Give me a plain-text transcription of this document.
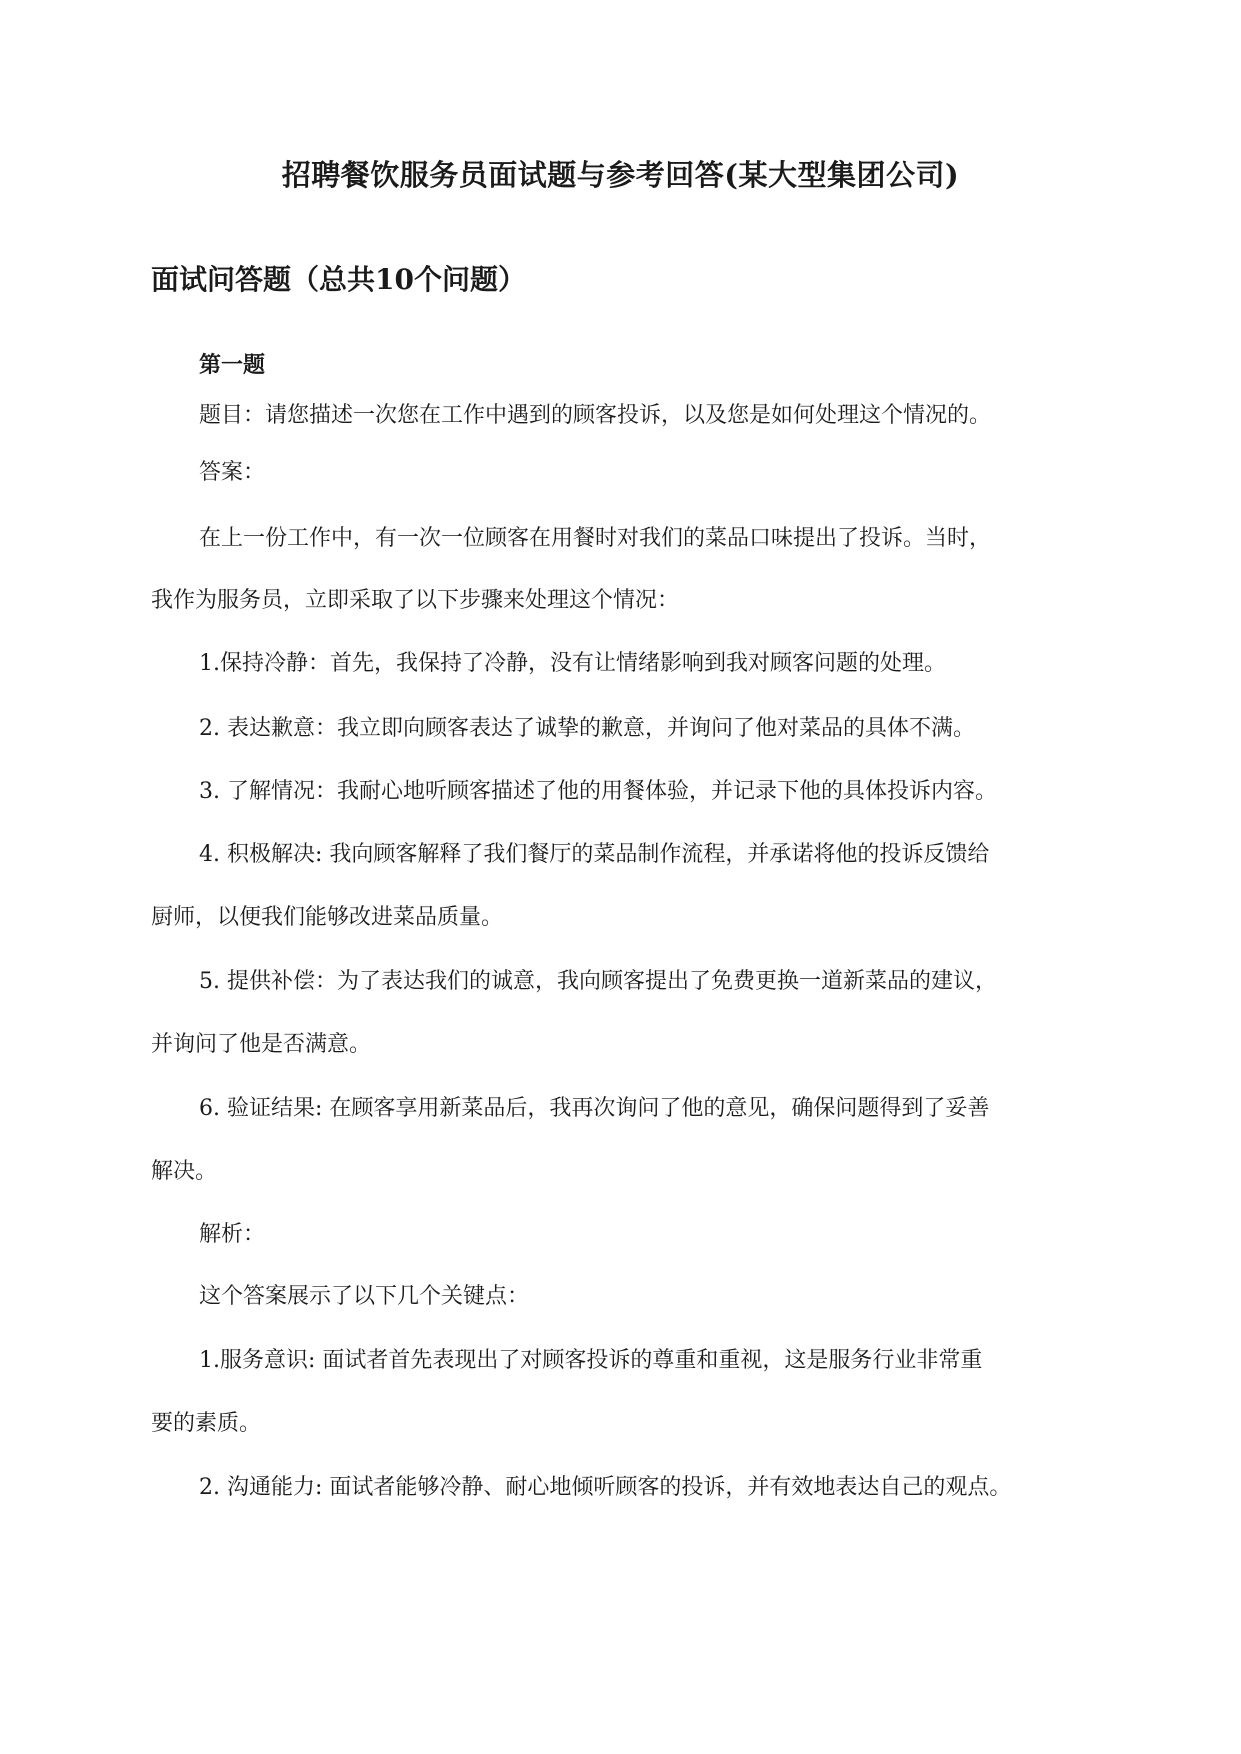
招聘餐饮服务员面试题与参考回答(某大型集团公司)
面试问答题（总共10个问题）
第一题
题目：请您描述一次您在工作中遇到的顾客投诉，以及您是如何处理这个情况的。
答案：
在上一份工作中，有一次一位顾客在用餐时对我们的菜品口味提出了投诉。当时，
我作为服务员，立即采取了以下步骤来处理这个情况：
1.保持冷静：首先，我保持了冷静，没有让情绪影响到我对顾客问题的处理。
2. 表达歉意：我立即向顾客表达了诚挚的歉意，并询问了他对菜品的具体不满。
3. 了解情况：我耐心地听顾客描述了他的用餐体验，并记录下他的具体投诉内容。
4. 积极解决: 我向顾客解释了我们餐厅的菜品制作流程，并承诺将他的投诉反馈给
厨师，以便我们能够改进菜品质量。
5. 提供补偿：为了表达我们的诚意，我向顾客提出了免费更换一道新菜品的建议，
并询问了他是否满意。
6. 验证结果: 在顾客享用新菜品后，我再次询问了他的意见，确保问题得到了妥善
解决。
解析：
这个答案展示了以下几个关键点：
1.服务意识: 面试者首先表现出了对顾客投诉的尊重和重视，这是服务行业非常重
要的素质。
2. 沟通能力: 面试者能够冷静、耐心地倾听顾客的投诉，并有效地表达自己的观点。
